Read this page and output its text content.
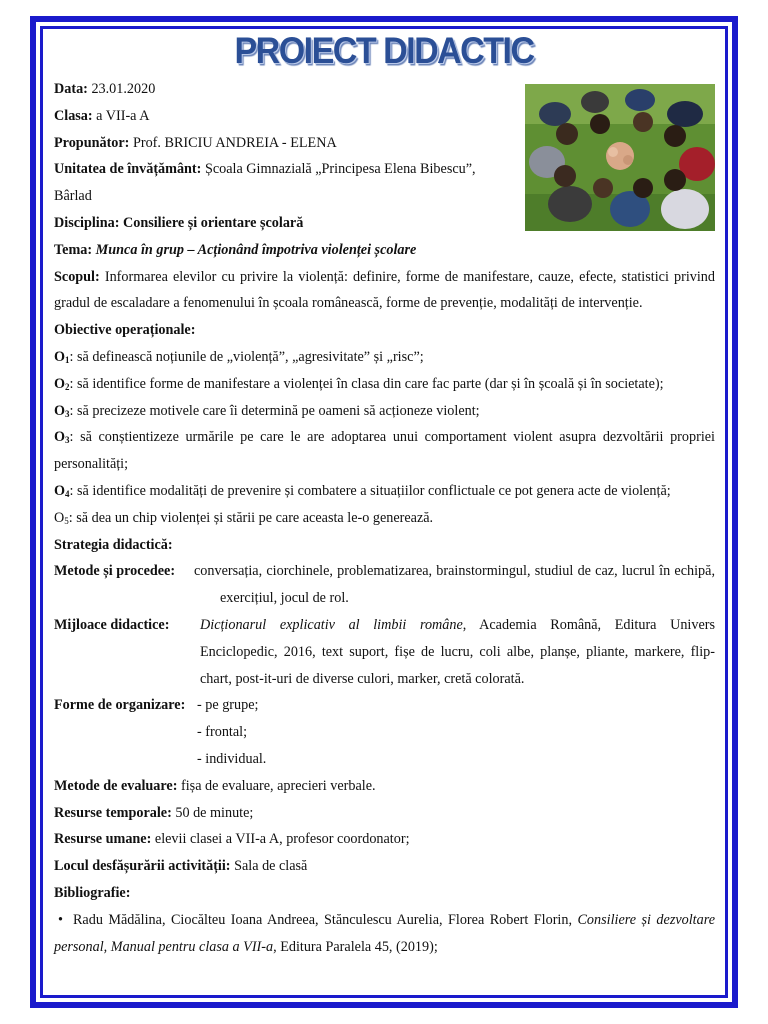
PROIECT DIDACTIC

Data: 23.01.2020

Clasa: a VII-a A

Propunător: Prof. BRICIU ANDREIA - ELENA

Unitatea de învățământ: Școala Gimnazială „Principesa Elena Bibescu”,

Bârlad

Disciplina: Consiliere și orientare școlară

Tema: Munca în grup – Acționând împotriva violenței școlare

Scopul: Informarea elevilor cu privire la violență: definire, forme de manifestare, cauze, efecte, statistici privind gradul de escaladare a fenomenului în școala românească, forme de prevenție, modalități de intervenție.

Obiective operaționale:

$O_1$: să definească noțiunile de „violență”, „agresivitate” și „risc”;

$O_2$: să identifice forme de manifestare a violenței în clasa din care fac parte (dar și în școală și în societate);

$O_3$: să precizeze motivele care îi determină pe oameni să acționeze violent;

$O_3$: să conștientizeze urmările pe care le are adoptarea unui comportament violent asupra dezvoltării propriei personalități;

$O_4$: să identifice modalități de prevenire și combatere a situațiilor conflictuale ce pot genera acte de violență;

$O_5$: să dea un chip violenței și stării pe care aceasta le-o generează.

Strategia didactică:

Metode și procedee:	conversația, ciorchinele, problematizarea, brainstormingul, studiul de caz, lucrul în echipă, exercițiul, jocul de rol.
Mijloace didactice:	Dicționarul explicativ al limbii române, Academia Română, Editura Univers Enciclopedic, 2016, text suport, fișe de lucru, coli albe, planșe, pliante, markere, flip-chart, post-it-uri de diverse culori, marker, cretă colorată.
Forme de organizare: - pe grupe;
- frontal;
- individual.

Metode de evaluare: fișa de evaluare, aprecieri verbale.

Resurse temporale: 50 de minute;

Resurse umane: elevii clasei a VII-a A, profesor coordonator;

Locul desfășurării activității: Sala de clasă

Bibliografie:

• Radu Mădălina, Ciocălteu Ioana Andreea, Stănculescu Aurelia, Florea Robert Florin, Consiliere și dezvoltare personal, Manual pentru clasa a VII-a, Editura Paralela 45, (2019);
